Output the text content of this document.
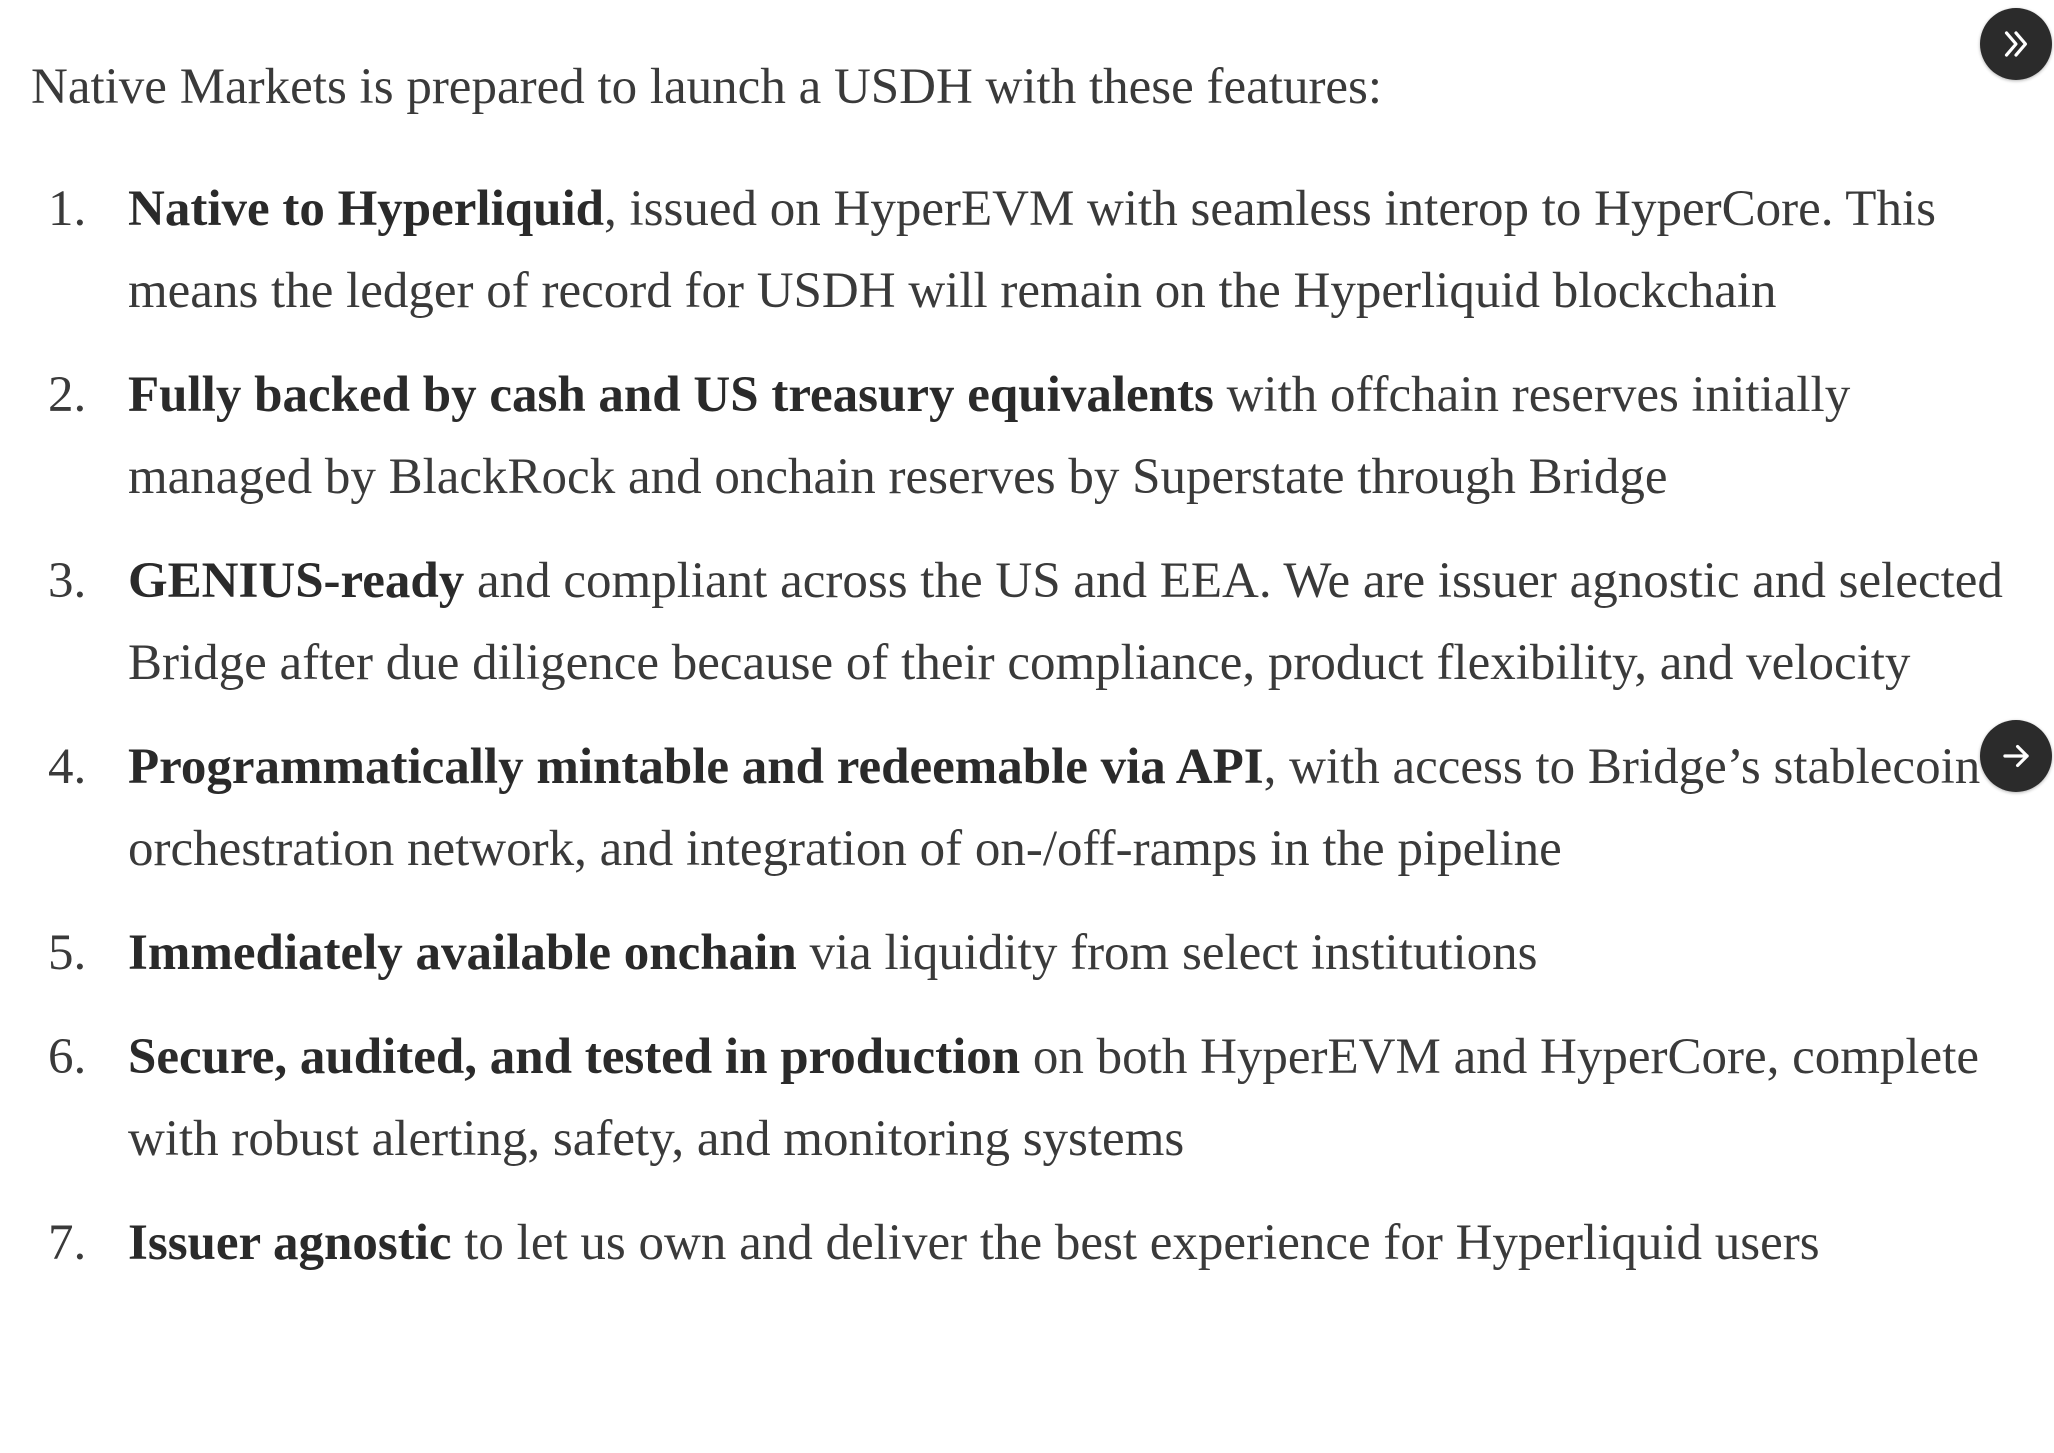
Native Markets is prepared to launch a USDH with these features:

1. Native to Hyperliquid, issued on HyperEVM with seamless interop to HyperCore. This means the ledger of record for USDH will remain on the Hyperliquid blockchain
2. Fully backed by cash and US treasury equivalents with offchain reserves initially managed by BlackRock and onchain reserves by Superstate through Bridge
3. GENIUS-ready and compliant across the US and EEA. We are issuer agnostic and selected Bridge after due diligence because of their compliance, product flexibility, and velocity
4. Programmatically mintable and redeemable via API, with access to Bridge’s stablecoin orchestration network, and integration of on-/off-ramps in the pipeline
5. Immediately available onchain via liquidity from select institutions
6. Secure, audited, and tested in production on both HyperEVM and HyperCore, complete with robust alerting, safety, and monitoring systems
7. Issuer agnostic to let us own and deliver the best experience for Hyperliquid users
